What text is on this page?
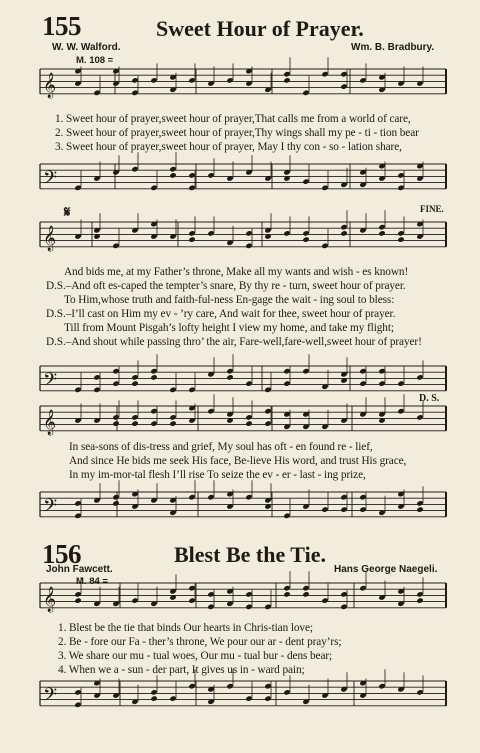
𝄞
𝄢
𝄞
𝄢
𝄞
𝄢
𝄞
𝄢
155	Sweet Hour of Prayer.
W. W. Walford.	Wm. B. Bradbury.
M. 108 =
1. Sweet hour of prayer,sweet hour of prayer,That calls me from a world of care,
2. Sweet hour of prayer,sweet hour of prayer,Thy wings shall my pe - ti - tion bear
3. Sweet hour of prayer,sweet hour of prayer, May I thy con - so - lation share,
𝄋	FINE.
And bids me, at my Father’s throne, Make all my wants and wish - es known!
D.S.–And oft es-caped the tempter’s snare, By thy re - turn, sweet hour of prayer.
To Him,whose truth and faith-ful-ness En-gage the wait - ing soul to bless:
D.S.–I’ll cast on Him my ev - ’ry care, And wait for thee, sweet hour of prayer.
Till from Mount Pisgah’s lofty height I view my home, and take my flight;
D.S.–And shout while passing thro’ the air, Fare-well,fare-well,sweet hour of prayer!
D. S.
In sea-sons of dis-tress and grief, My soul has oft - en found re - lief,
And since He bids me seek His face, Be-lieve His word, and trust His grace,
In my im-mor-tal flesh I’ll rise To seize the ev - er - last - ing prize,
156	Blest Be the Tie.
John Fawcett.	Hans George Naegeli.
M. 84 =
1. Blest be the tie that binds Our hearts in Chris-tian love;
2. Be - fore our Fa - ther’s throne, We pour our ar - dent pray’rs;
3. We share our mu - tual woes, Our mu - tual bur - dens bear;
4. When we a - sun - der part, It gives us in - ward pain;
